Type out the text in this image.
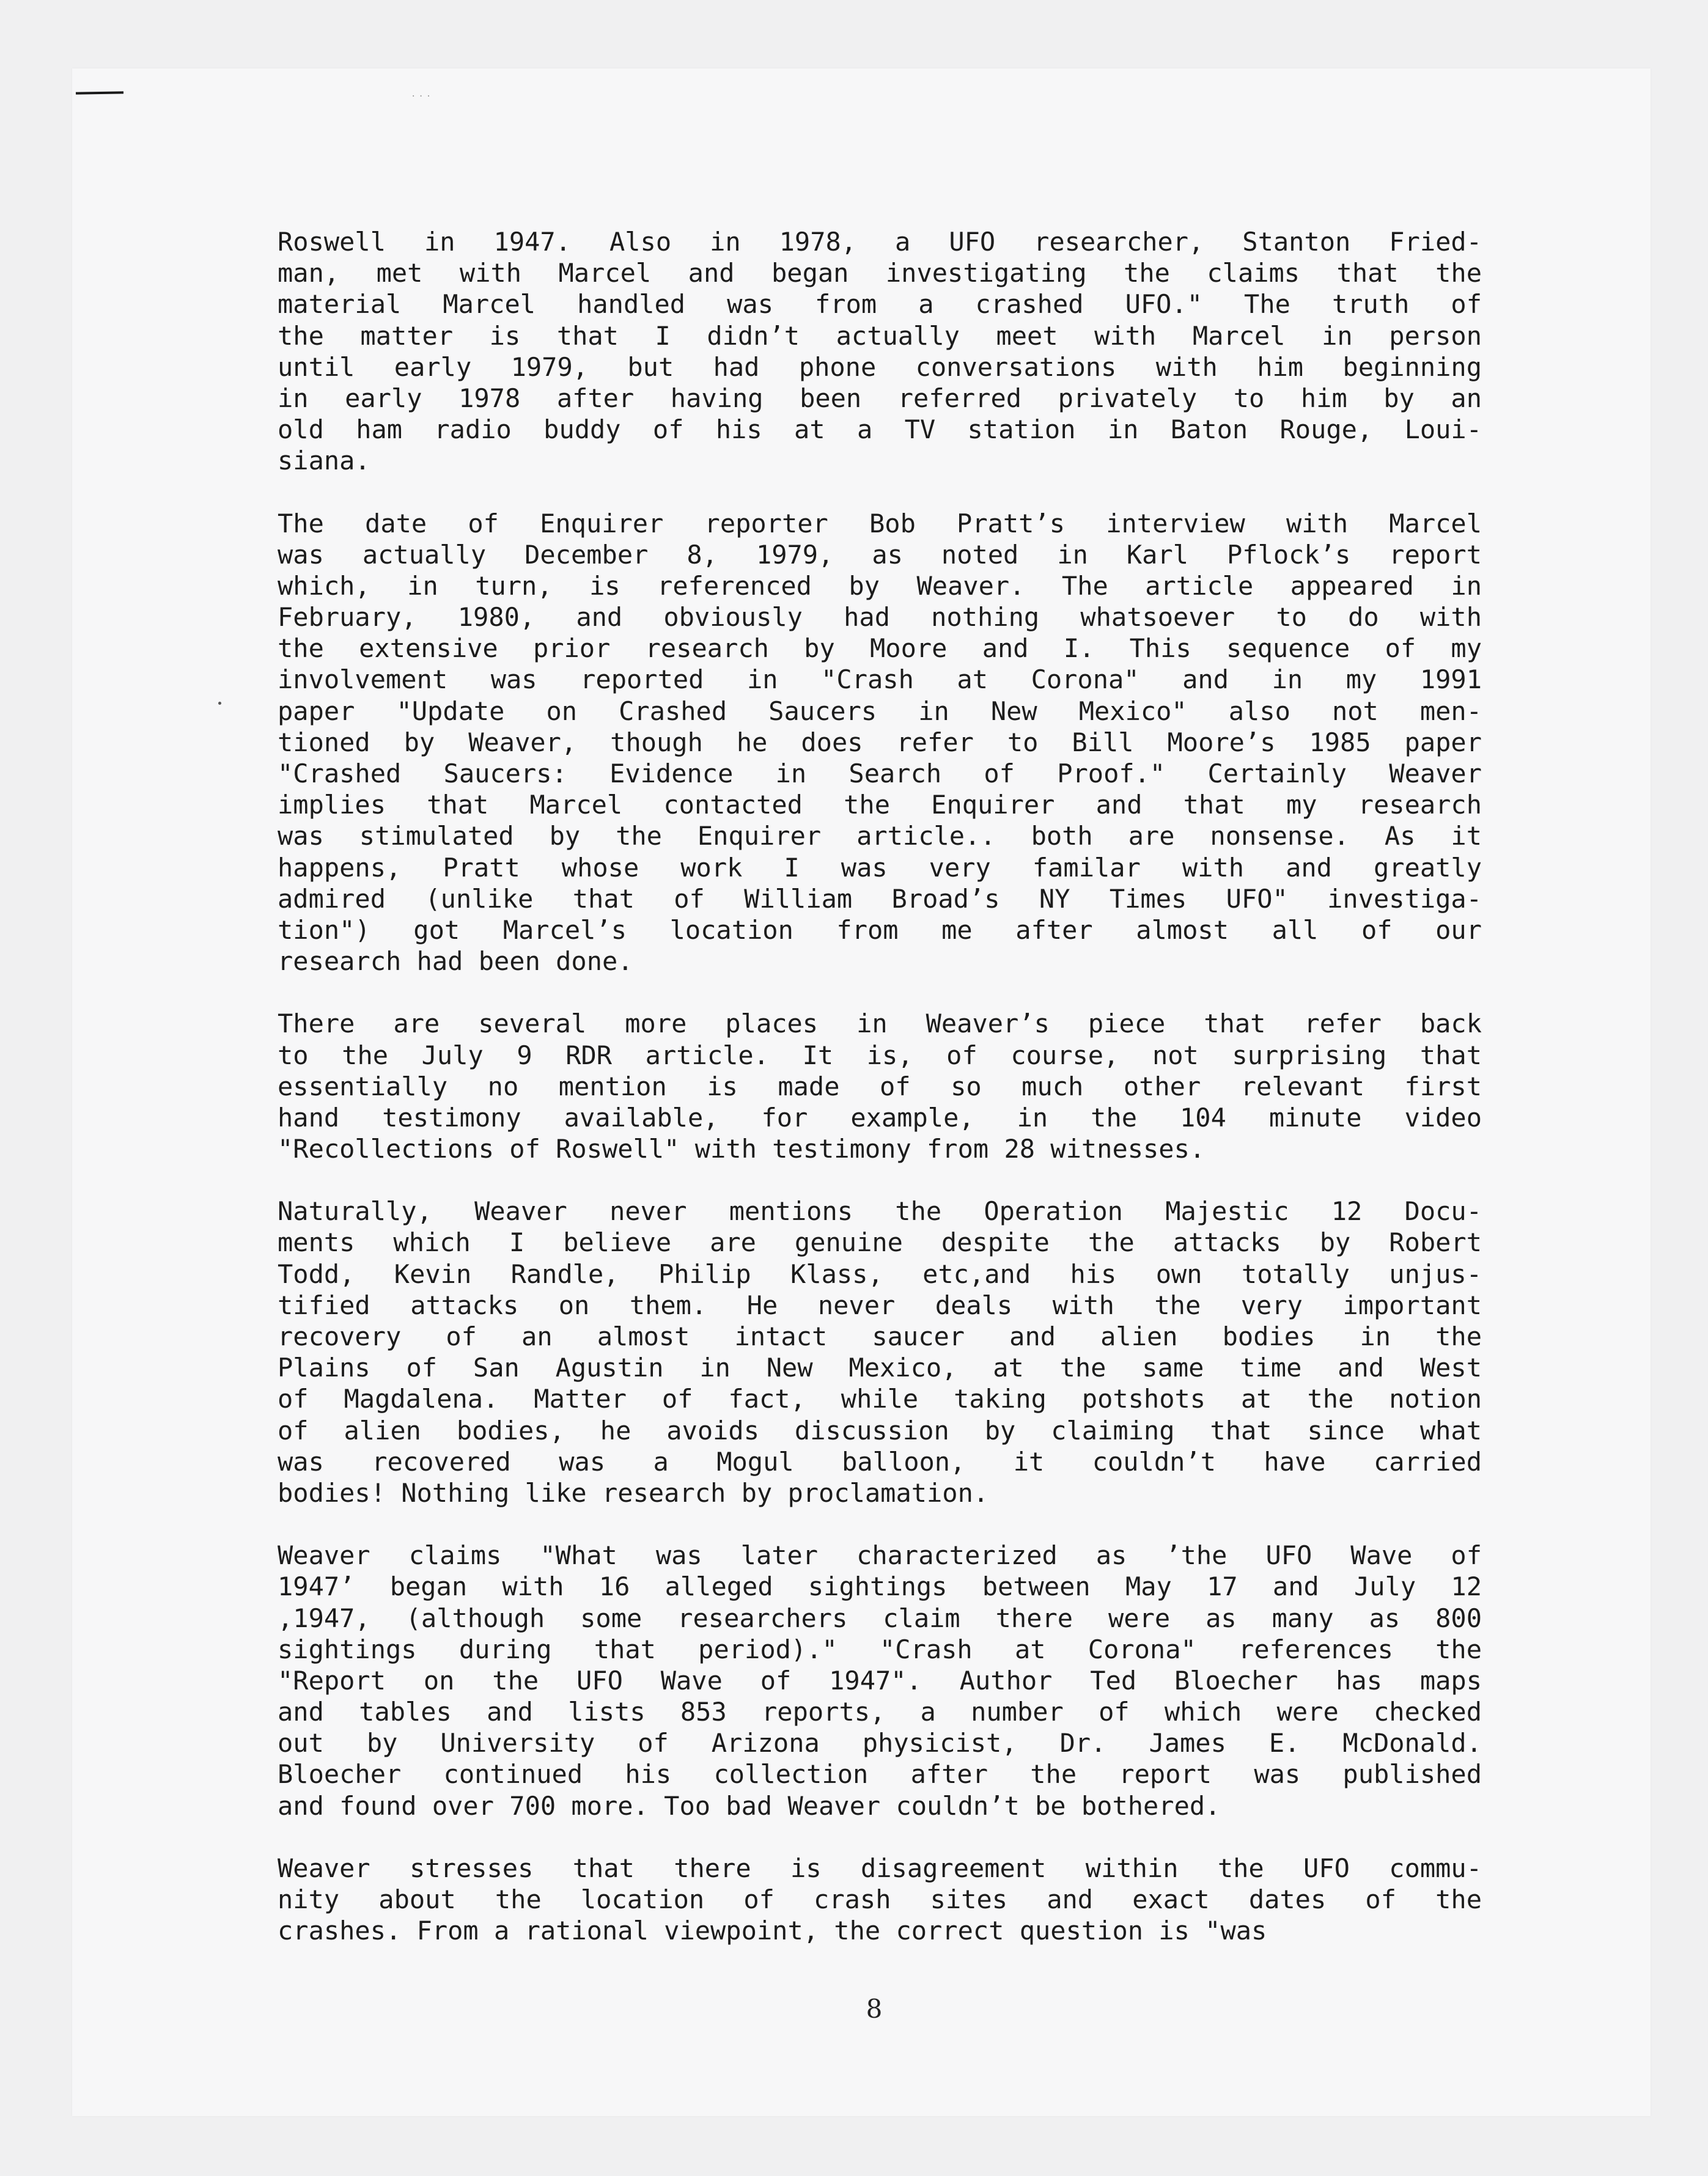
···
Roswell in 1947. Also in 1978, a UFO researcher, Stanton Fried-
man, met with Marcel and began investigating the claims that the
material Marcel handled was from a crashed UFO." The truth of
the matter is that I didn’t actually meet with Marcel in person
until early 1979, but had phone conversations with him beginning
in early 1978 after having been referred privately to him by an
old ham radio buddy of his at a TV station in Baton Rouge, Loui-
siana.
The date of Enquirer reporter Bob Pratt’s interview with Marcel
was actually December 8, 1979, as noted in Karl Pflock’s report
which, in turn, is referenced by Weaver. The article appeared in
February, 1980, and obviously had nothing whatsoever to do with
the extensive prior research by Moore and I. This sequence of my
involvement was reported in "Crash at Corona" and in my 1991
paper "Update on Crashed Saucers in New Mexico" also not men-
tioned by Weaver, though he does refer to Bill Moore’s 1985 paper
"Crashed Saucers: Evidence in Search of Proof." Certainly Weaver
implies that Marcel contacted the Enquirer and that my research
was stimulated by the Enquirer article.. both are nonsense. As it
happens, Pratt whose work I was very familar with and greatly
admired (unlike that of William Broad’s NY Times UFO" investiga-
tion") got Marcel’s location from me after almost all of our
research had been done.
There are several more places in Weaver’s piece that refer back
to the July 9 RDR article. It is, of course, not surprising that
essentially no mention is made of so much other relevant first
hand testimony available, for example, in the 104 minute video
"Recollections of Roswell" with testimony from 28 witnesses.
Naturally, Weaver never mentions the Operation Majestic 12 Docu-
ments which I believe are genuine despite the attacks by Robert
Todd, Kevin Randle, Philip Klass, etc,and his own totally unjus-
tified attacks on them. He never deals with the very important
recovery of an almost intact saucer and alien bodies in the
Plains of San Agustin in New Mexico, at the same time and West
of Magdalena. Matter of fact, while taking potshots at the notion
of alien bodies, he avoids discussion by claiming that since what
was recovered was a Mogul balloon, it couldn’t have carried
bodies! Nothing like research by proclamation.
Weaver claims "What was later characterized as ’the UFO Wave of
1947’ began with 16 alleged sightings between May 17 and July 12
,1947, (although some researchers claim there were as many as 800
sightings during that period)." "Crash at Corona" references the
"Report on the UFO Wave of 1947". Author Ted Bloecher has maps
and tables and lists 853 reports, a number of which were checked
out by University of Arizona physicist, Dr. James E. McDonald.
Bloecher continued his collection after the report was published
and found over 700 more. Too bad Weaver couldn’t be bothered.
Weaver stresses that there is disagreement within the UFO commu-
nity about the location of crash sites and exact dates of the
crashes. From a rational viewpoint, the correct question is "was
8
